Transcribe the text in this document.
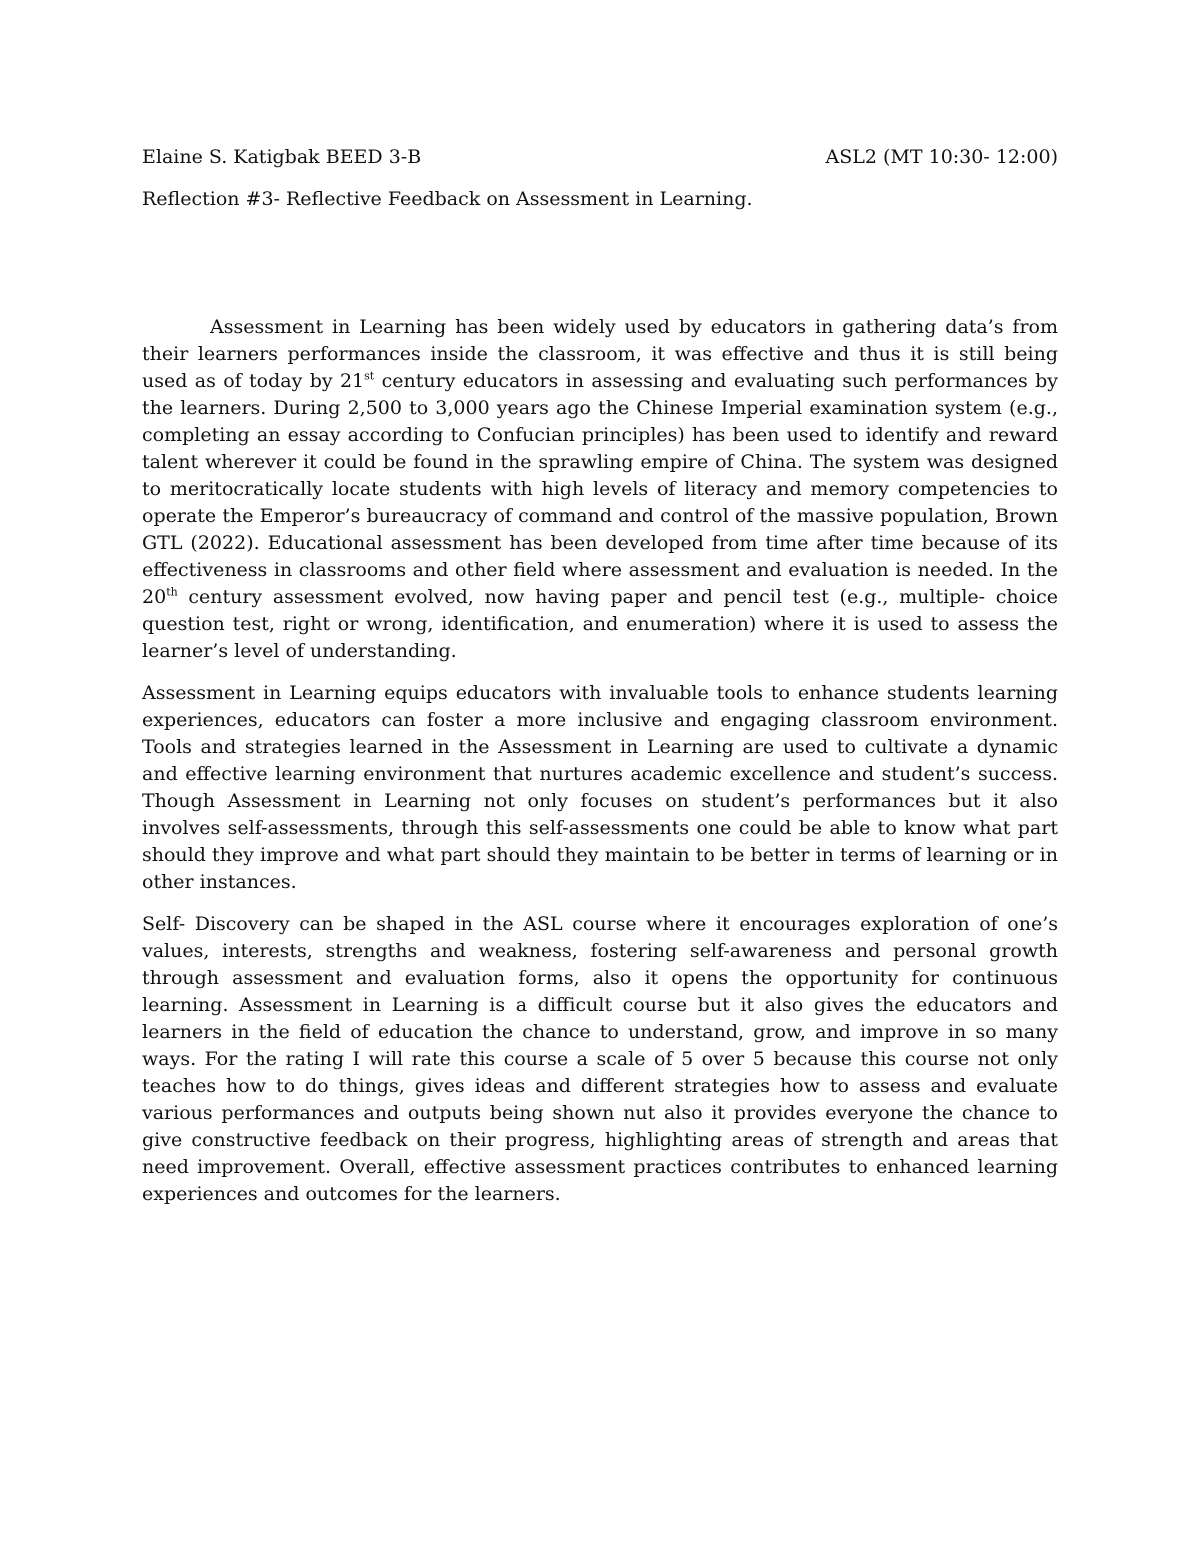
Elaine S. Katigbak BEED 3-B	ASL2 (MT 10:30- 12:00)
Reflection #3- Reflective Feedback on Assessment in Learning.

Assessment in Learning has been widely used by educators in gathering data’s from their learners performances inside the classroom, it was effective and thus it is still being used as of today by 21st century educators in assessing and evaluating such performances by the learners. During 2,500 to 3,000 years ago the Chinese Imperial examination system (e.g., completing an essay according to Confucian principles) has been used to identify and reward talent wherever it could be found in the sprawling empire of China. The system was designed to meritocratically locate students with high levels of literacy and memory competencies to operate the Emperor’s bureaucracy of command and control of the massive population, Brown GTL (2022). Educational assessment has been developed from time after time because of its effectiveness in classrooms and other field where assessment and evaluation is needed. In the 20th century assessment evolved, now having paper and pencil test (e.g., multiple- choice question test, right or wrong, identification, and enumeration) where it is used to assess the learner’s level of understanding.

Assessment in Learning equips educators with invaluable tools to enhance students learning experiences, educators can foster a more inclusive and engaging classroom environment. Tools and strategies learned in the Assessment in Learning are used to cultivate a dynamic and effective learning environment that nurtures academic excellence and student’s success. Though Assessment in Learning not only focuses on student’s performances but it also involves self-assessments, through this self-assessments one could be able to know what part should they improve and what part should they maintain to be better in terms of learning or in other instances.

Self- Discovery can be shaped in the ASL course where it encourages exploration of one’s values, interests, strengths and weakness, fostering self-awareness and personal growth through assessment and evaluation forms, also it opens the opportunity for continuous learning. Assessment in Learning is a difficult course but it also gives the educators and learners in the field of education the chance to understand, grow, and improve in so many ways. For the rating I will rate this course a scale of 5 over 5 because this course not only teaches how to do things, gives ideas and different strategies how to assess and evaluate various performances and outputs being shown nut also it provides everyone the chance to give constructive feedback on their progress, highlighting areas of strength and areas that need improvement. Overall, effective assessment practices contributes to enhanced learning experiences and outcomes for the learners.
